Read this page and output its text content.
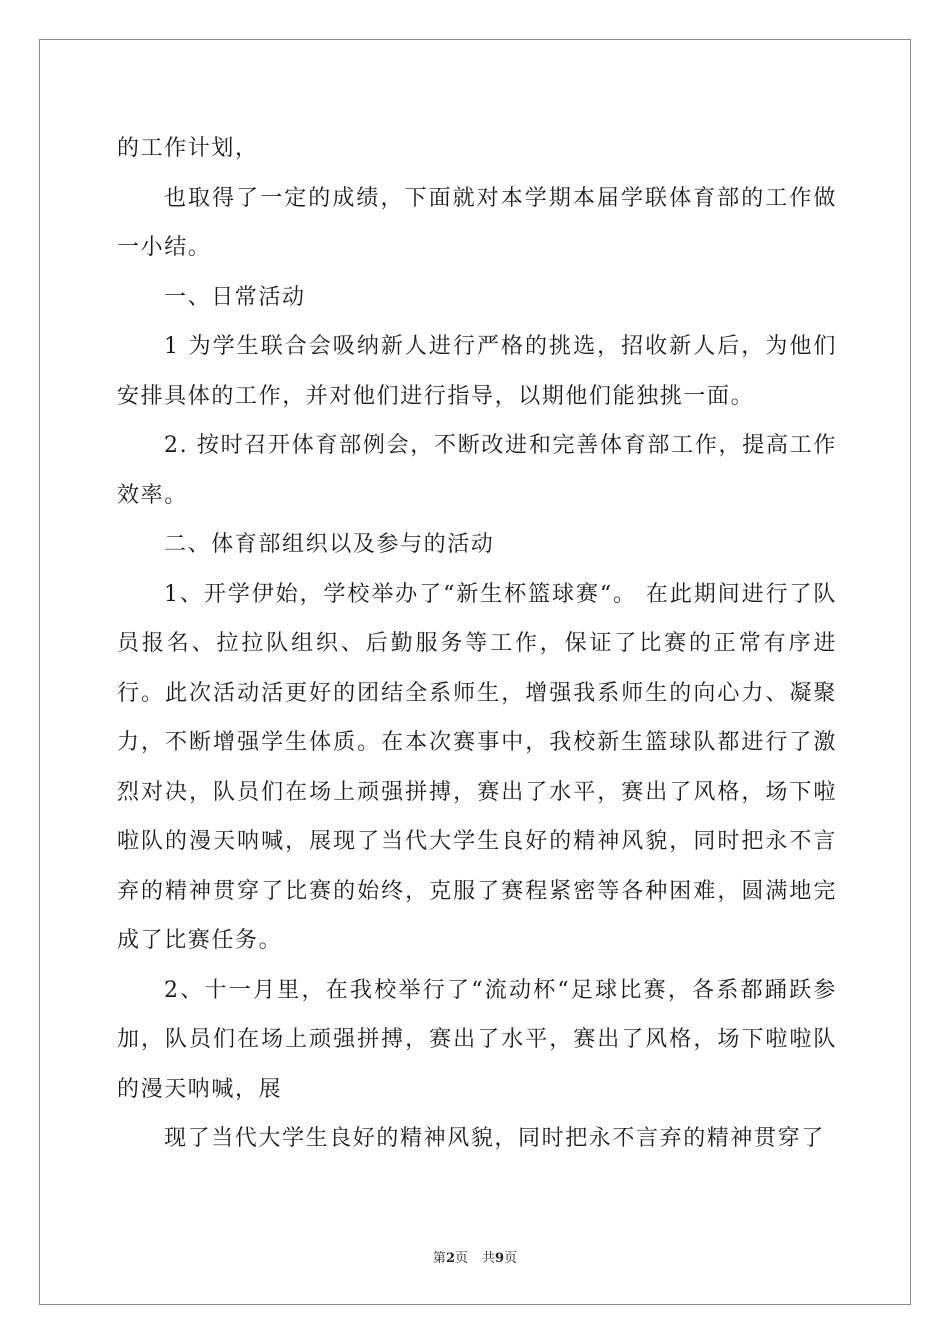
的工作计划，

也取得了一定的成绩，下面就对本学期本届学联体育部的工作做一小结。

一、日常活动

1 为学生联合会吸纳新人进行严格的挑选，招收新人后，为他们安排具体的工作，并对他们进行指导，以期他们能独挑一面。

2. 按时召开体育部例会，不断改进和完善体育部工作，提高工作效率。

二、体育部组织以及参与的活动

1、开学伊始，学校举办了“新生杯篮球赛“。 在此期间进行了队员报名、拉拉队组织、后勤服务等工作，保证了比赛的正常有序进行。此次活动活更好的团结全系师生，增强我系师生的向心力、凝聚力，不断增强学生体质。在本次赛事中，我校新生篮球队都进行了激烈对决，队员们在场上顽强拼搏，赛出了水平，赛出了风格，场下啦啦队的漫天呐喊，展现了当代大学生良好的精神风貌，同时把永不言弃的精神贯穿了比赛的始终，克服了赛程紧密等各种困难，圆满地完成了比赛任务。

2、十一月里，在我校举行了“流动杯“足球比赛，各系都踊跃参加，队员们在场上顽强拼搏，赛出了水平，赛出了风格，场下啦啦队的漫天呐喊，展

现了当代大学生良好的精神风貌，同时把永不言弃的精神贯穿了

第2页 共9页
